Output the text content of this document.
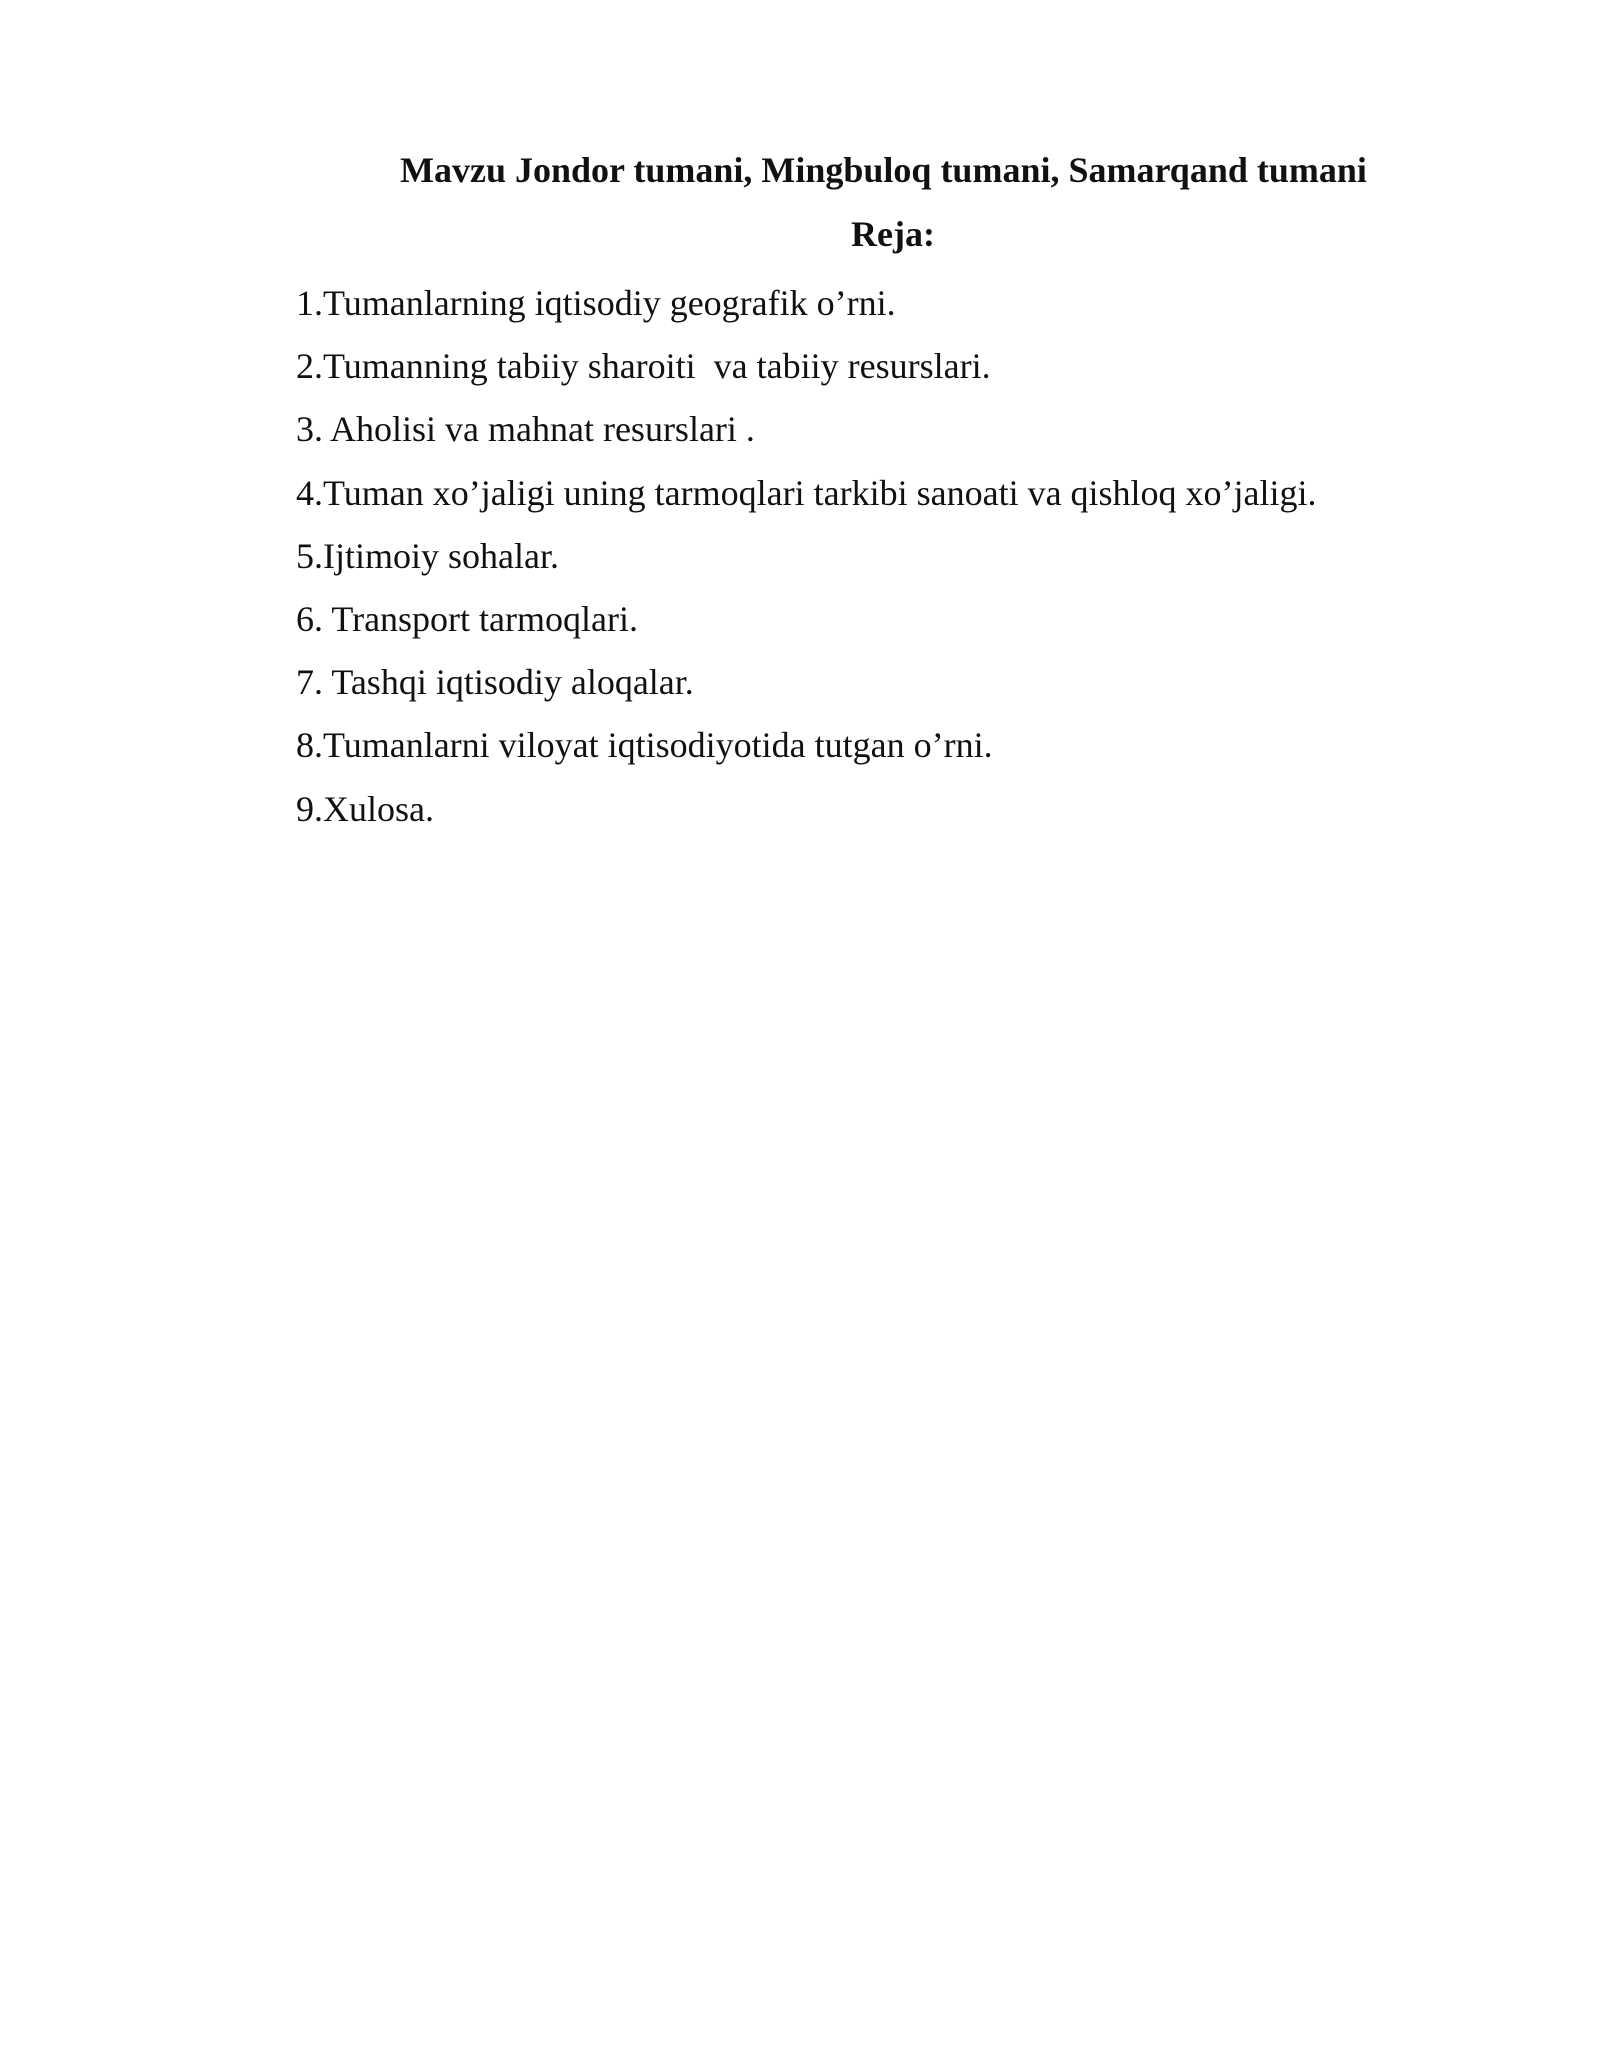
Mavzu Jondor tumani, Mingbuloq tumani, Samarqand tumani
Reja:
1.Tumanlarning iqtisodiy geografik o’rni.
2.Tumanning tabiiy sharoiti  va tabiiy resurslari.
3. Aholisi va mahnat resurslari .
4.Tuman xo’jaligi uning tarmoqlari tarkibi sanoati va qishloq xo’jaligi.
5.Ijtimoiy sohalar.
6. Transport tarmoqlari.
7. Tashqi iqtisodiy aloqalar.
8.Tumanlarni viloyat iqtisodiyotida tutgan o’rni.
9.Xulosa.
